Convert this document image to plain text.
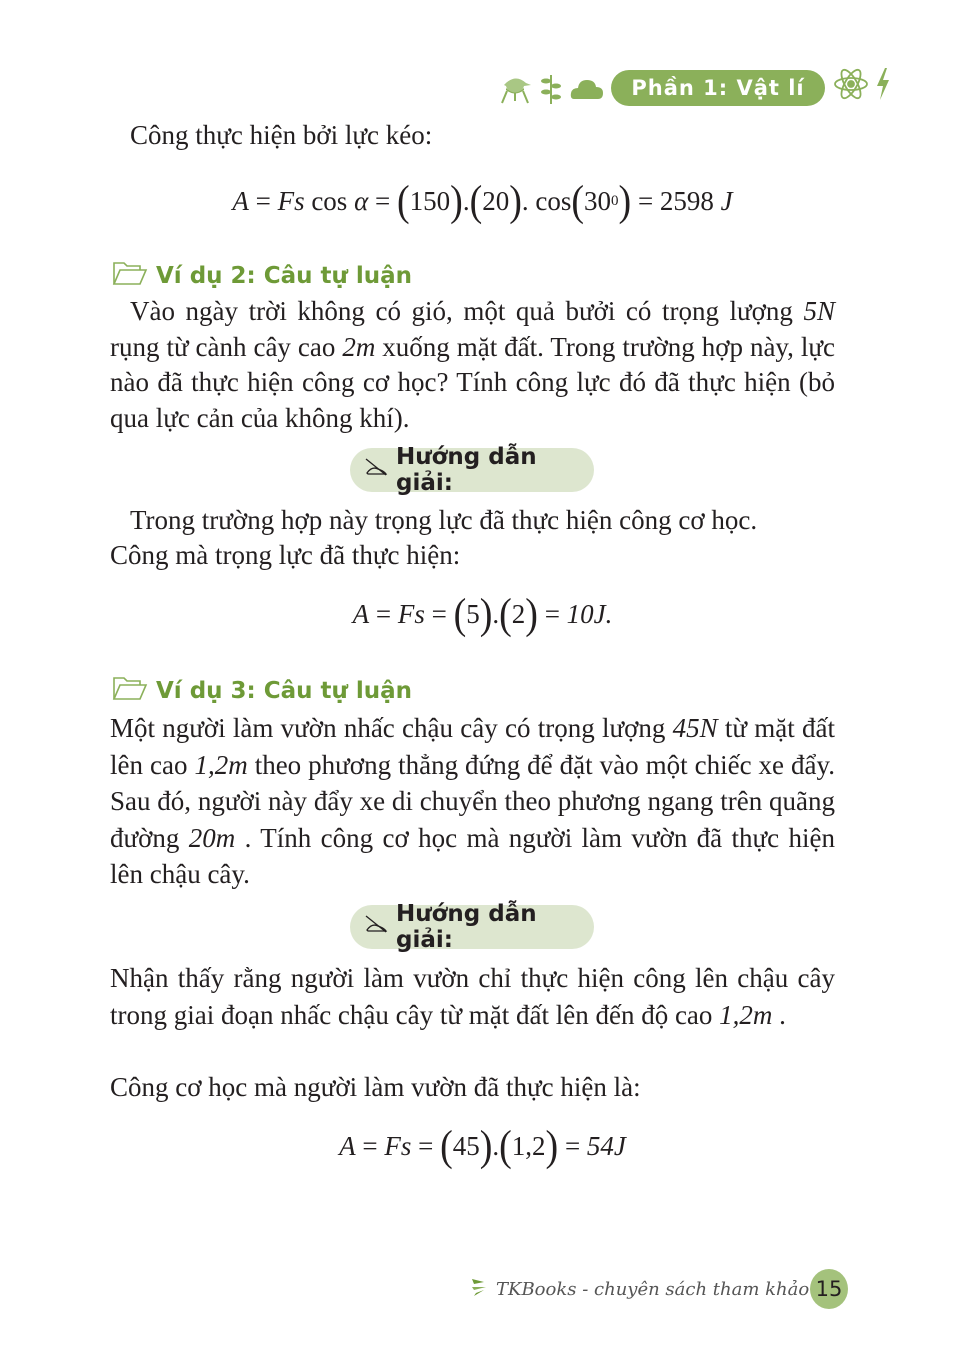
Phần 1: Vật lí
Công thực hiện bởi lực kéo:
A = Fs
cos
α = ( 150 ) . ( 20 ) . cos ( 30 0 ) = 2598
J
Ví dụ 2: Câu tự luận
Vào ngày trời không có gió, một quả bưởi có trọng lượng 5N rụng từ cành cây cao 2m xuống mặt đất. Trong trường hợp này, lực nào đã thực hiện công cơ học? Tính công lực đó đã thực hiện (bỏ qua lực cản của không khí).
Hướng dẫn giải:
Trong trường hợp này trọng lực đã thực hiện công cơ học.
Công mà trọng lực đã thực hiện:
A = Fs = ( 5 ) . ( 2 ) = 10J.
Ví dụ 3: Câu tự luận
Một người làm vườn nhấc chậu cây có trọng lượng 45N từ mặt đất lên cao 1,2m theo phương thẳng đứng để đặt vào một chiếc xe đẩy. Sau đó, người này đẩy xe di chuyển theo phương ngang trên quãng đường 20m . Tính công cơ học mà người làm vườn đã thực hiện lên chậu cây.
Hướng dẫn giải:
Nhận thấy rằng người làm vườn chỉ thực hiện công lên chậu cây trong giai đoạn nhấc chậu cây từ mặt đất lên đến độ cao 1,2m .
Công cơ học mà người làm vườn đã thực hiện là:
A = Fs = ( 45 ) . ( 1,2 ) = 54J
TKBooks - chuyên sách tham khảo 15
